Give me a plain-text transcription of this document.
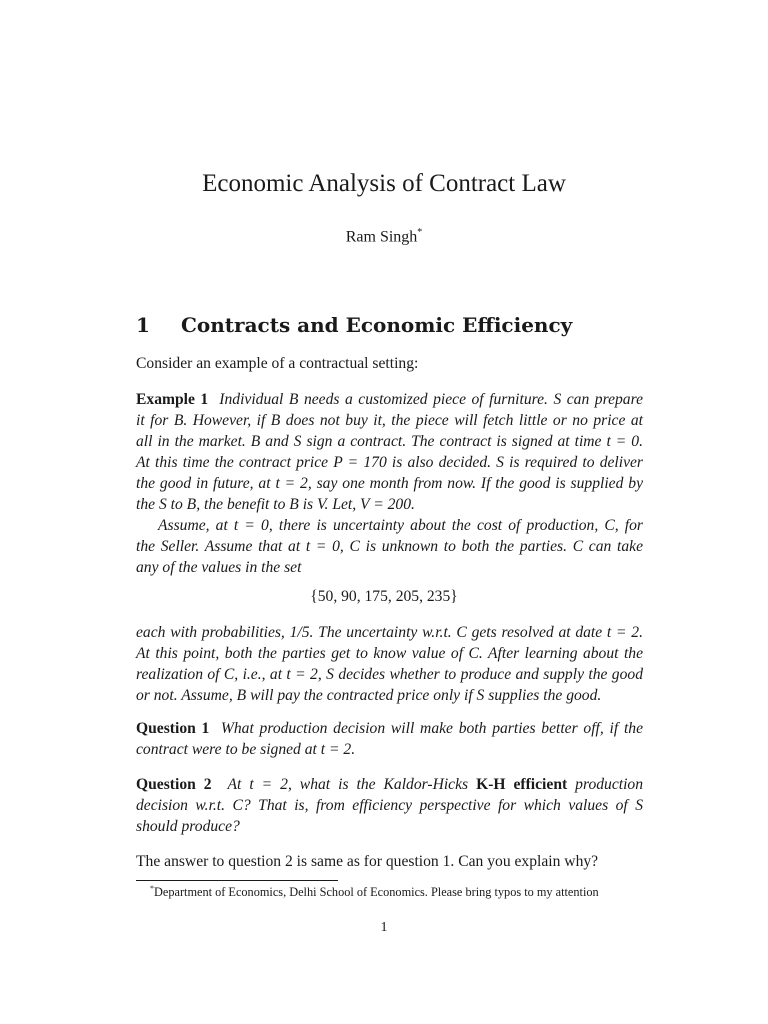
Economic Analysis of Contract Law
Ram Singh*
1 Contracts and Economic Efficiency
Consider an example of a contractual setting:
Example 1 Individual B needs a customized piece of furniture. S can prepare
it for B. However, if B does not buy it, the piece will fetch little or no price at
all in the market. B and S sign a contract. The contract is signed at time t = 0.
At this time the contract price P = 170 is also decided. S is required to deliver
the good in future, at t = 2, say one month from now. If the good is supplied by
the S to B, the benefit to B is V. Let, V = 200.
Assume, at t = 0, there is uncertainty about the cost of production, C, for
the Seller. Assume that at t = 0, C is unknown to both the parties. C can take
any of the values in the set
{50, 90, 175, 205, 235}
each with probabilities, 1/5. The uncertainty w.r.t. C gets resolved at date t = 2.
At this point, both the parties get to know value of C. After learning about the
realization of C, i.e., at t = 2, S decides whether to produce and supply the good
or not. Assume, B will pay the contracted price only if S supplies the good.
Question 1 What production decision will make both parties better off, if the
contract were to be signed at t = 2.
Question 2 At t = 2, what is the Kaldor-Hicks K-H efficient production
decision w.r.t. C? That is, from efficiency perspective for which values of S
should produce?
The answer to question 2 is same as for question 1. Can you explain why?
*Department of Economics, Delhi School of Economics. Please bring typos to my attention
1
